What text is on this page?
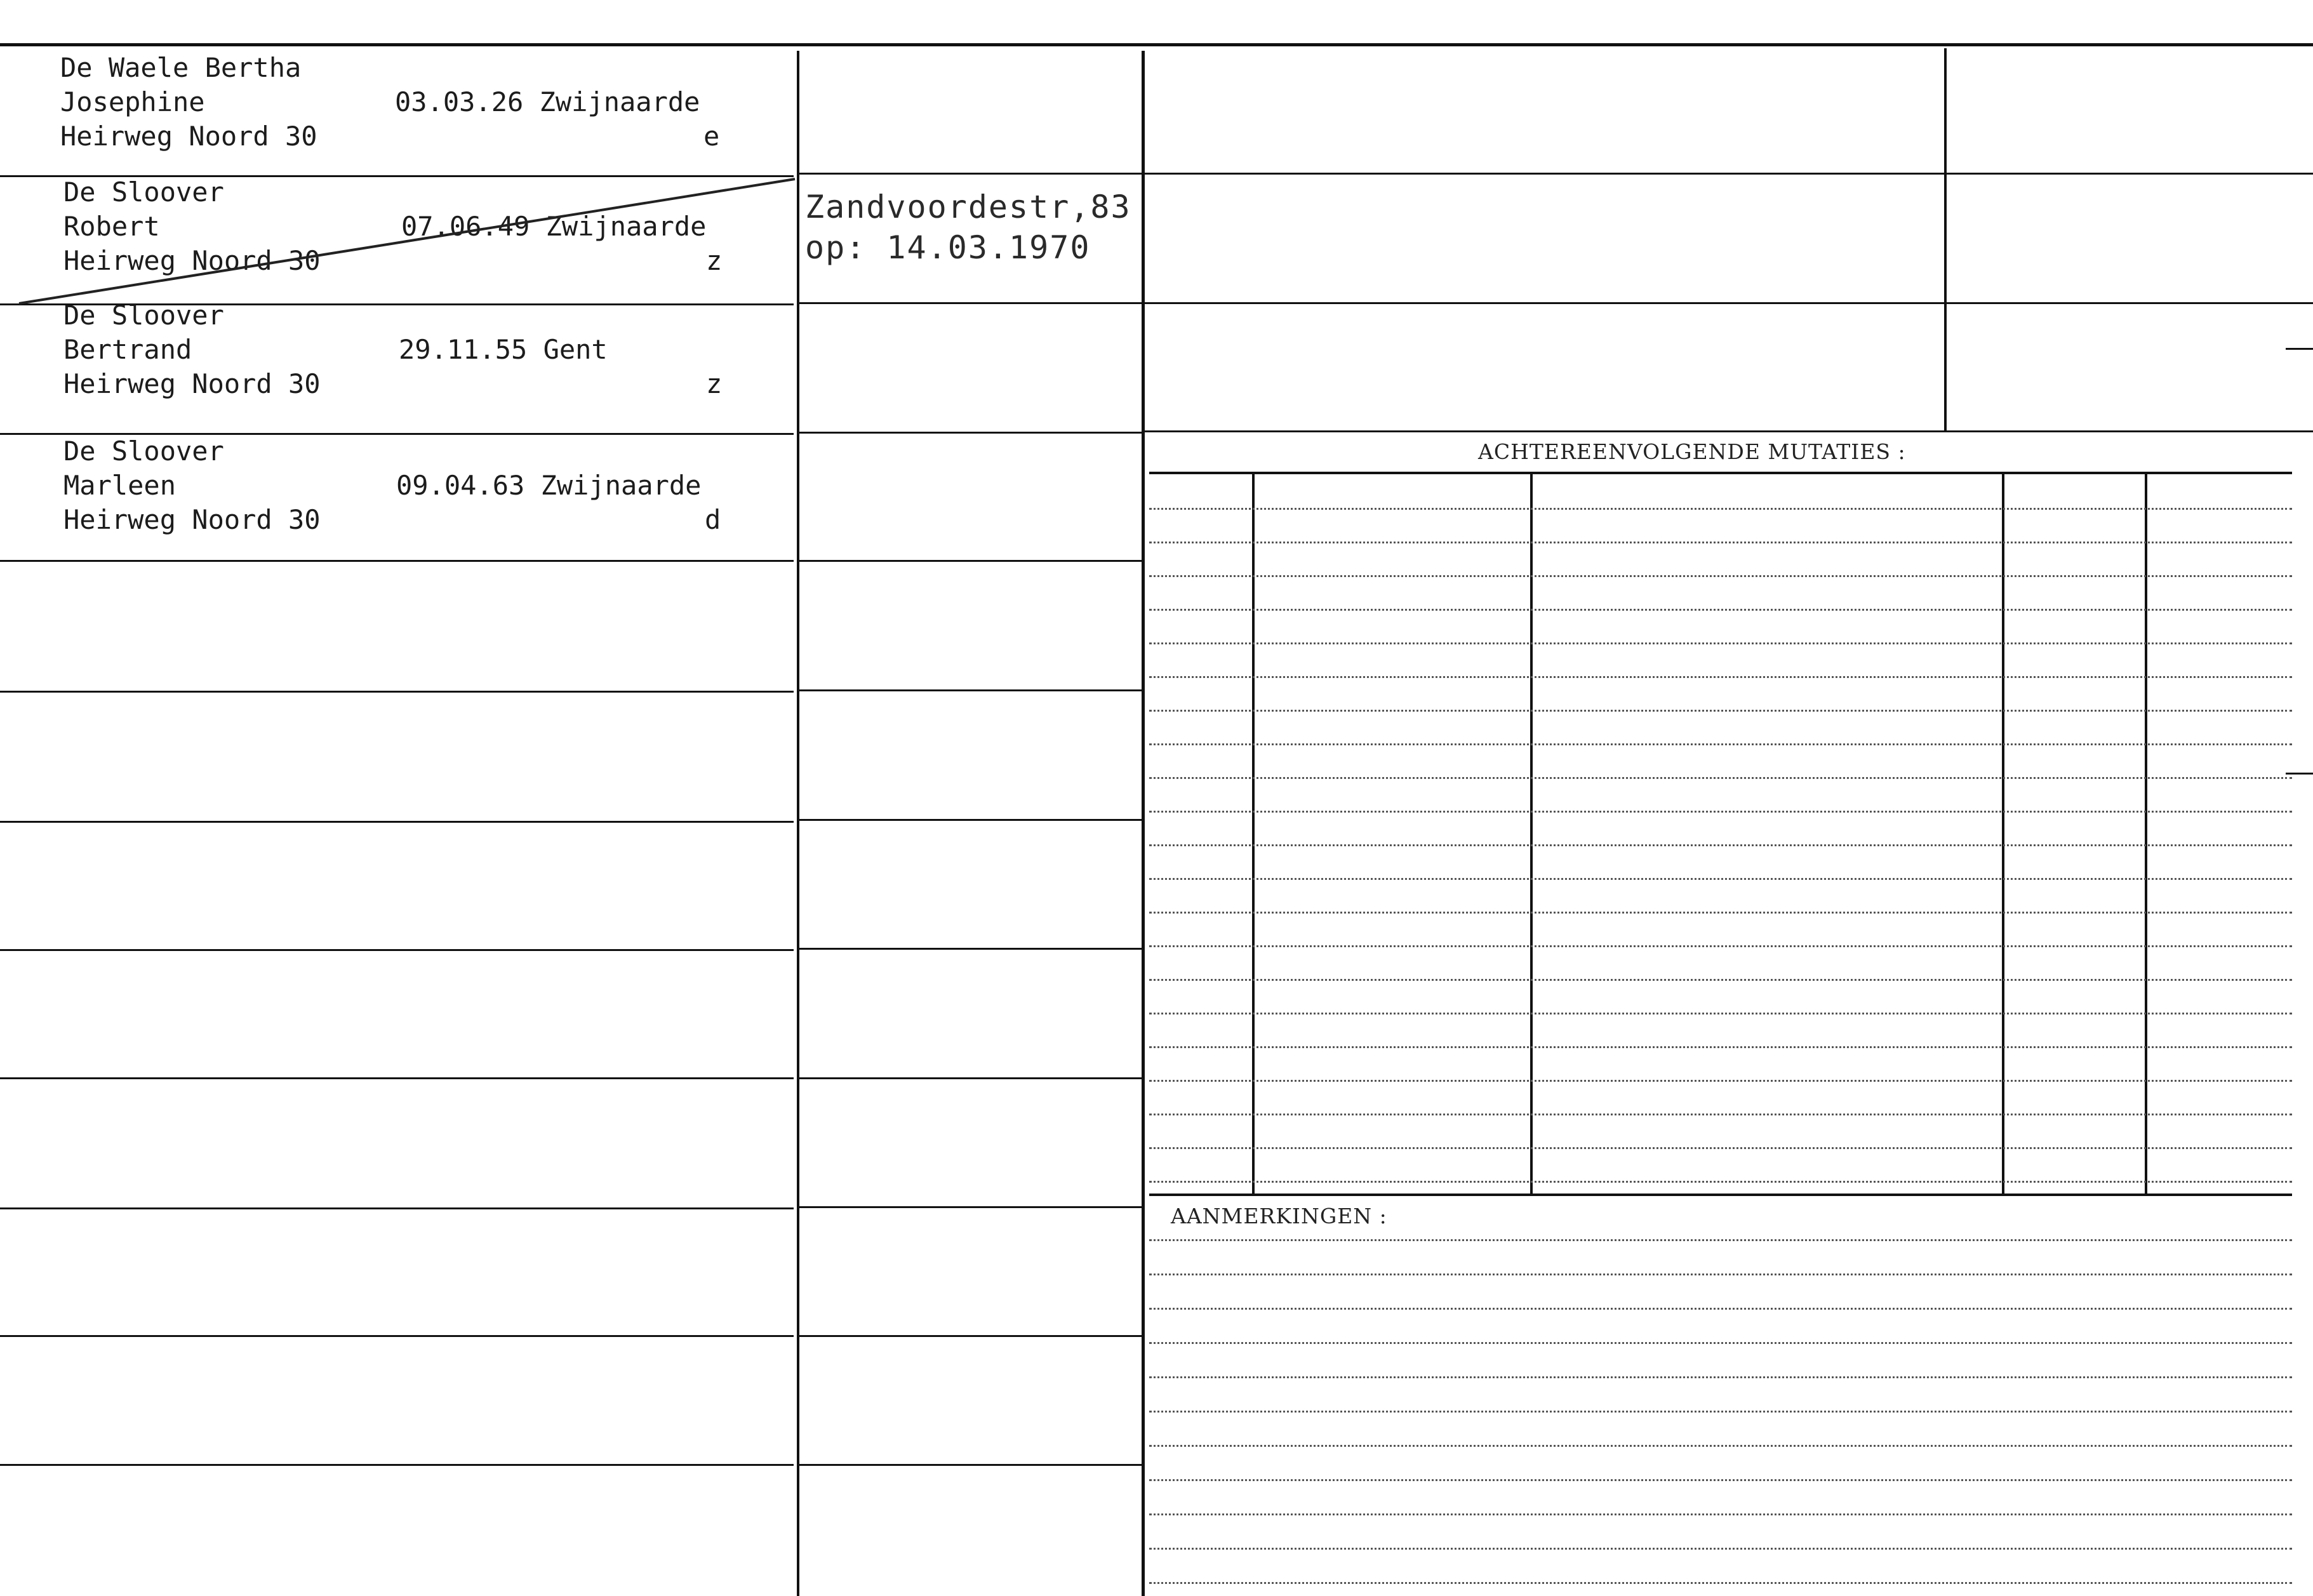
De Waele Bertha
Josephine
Heirweg Noord 30
03.03.26 Zwijnaarde
e
De Sloover
Robert
Heirweg Noord 30
07.06.49 Zwijnaarde
z
Zandvoordestr,83
op: 14.03.1970
De Sloover
Bertrand
Heirweg Noord 30
29.11.55 Gent
z
De Sloover
Marleen
Heirweg Noord 30
09.04.63 Zwijnaarde
d
ACHTEREENVOLGENDE MUTATIES :
AANMERKINGEN :
